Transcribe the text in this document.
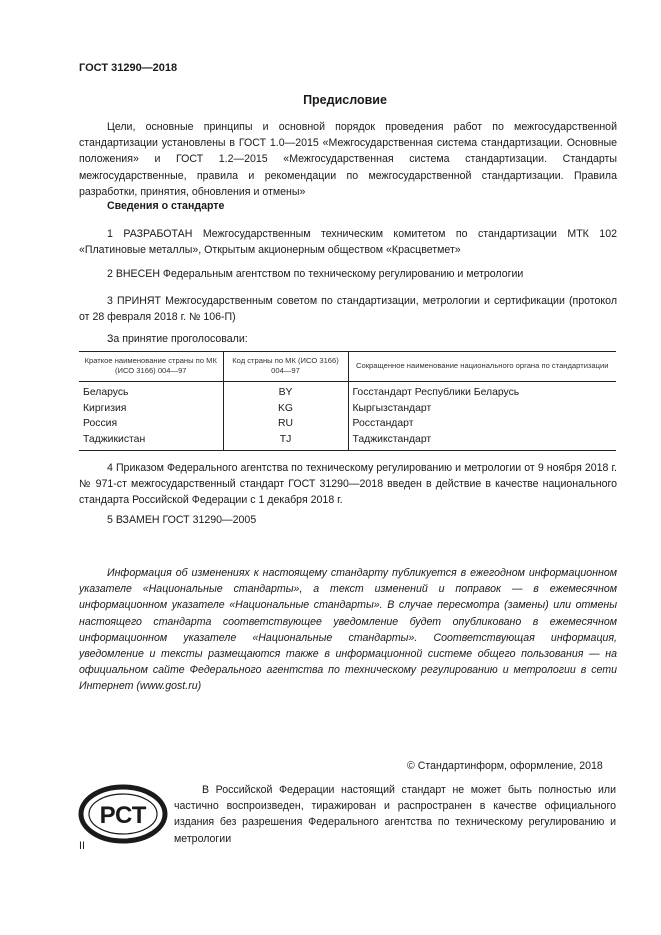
ГОСТ 31290—2018
Предисловие
Цели, основные принципы и основной порядок проведения работ по межгосударственной стандартизации установлены в ГОСТ 1.0—2015 «Межгосударственная система стандартизации. Основные положения» и ГОСТ 1.2—2015 «Межгосударственная система стандартизации. Стандарты межгосударственные, правила и рекомендации по межгосударственной стандартизации. Правила разработки, принятия, обновления и отмены»
Сведения о стандарте
1 РАЗРАБОТАН Межгосударственным техническим комитетом по стандартизации МТК 102 «Платиновые металлы», Открытым акционерным обществом «Красцветмет»
2 ВНЕСЕН Федеральным агентством по техническому регулированию и метрологии
3 ПРИНЯТ Межгосударственным советом по стандартизации, метрологии и сертификации (протокол от 28 февраля 2018 г. № 106-П)
За принятие проголосовали:
Краткое наименование страны по МК (ИСО 3166) 004—97	Код страны по МК (ИСО 3166) 004—97	Сокращенное наименование национального органа по стандартизации
Беларусь	BY	Госстандарт Республики Беларусь
Киргизия	KG	Кыргызстандарт
Россия	RU	Росстандарт
Таджикистан	TJ	Таджикстандарт
4 Приказом Федерального агентства по техническому регулированию и метрологии от 9 ноября 2018 г. № 971-ст межгосударственный стандарт ГОСТ 31290—2018 введен в действие в качестве национального стандарта Российской Федерации с 1 декабря 2018 г.
5 ВЗАМЕН ГОСТ 31290—2005
Информация об изменениях к настоящему стандарту публикуется в ежегодном информационном указателе «Национальные стандарты», а текст изменений и поправок — в ежемесячном информационном указателе «Национальные стандарты». В случае пересмотра (замены) или отмены настоящего стандарта соответствующее уведомление будет опубликовано в ежемесячном информационном указателе «Национальные стандарты». Соответствующая информация, уведомление и тексты размещаются также в информационной системе общего пользования — на официальном сайте Федерального агентства по техническому регулированию и метрологии в сети Интернет (www.gost.ru)
© Стандартинформ, оформление, 2018
РСТ
В Российской Федерации настоящий стандарт не может быть полностью или частично воспроизведен, тиражирован и распространен в качестве официального издания без разрешения Федерального агентства по техническому регулированию и метрологии
II
